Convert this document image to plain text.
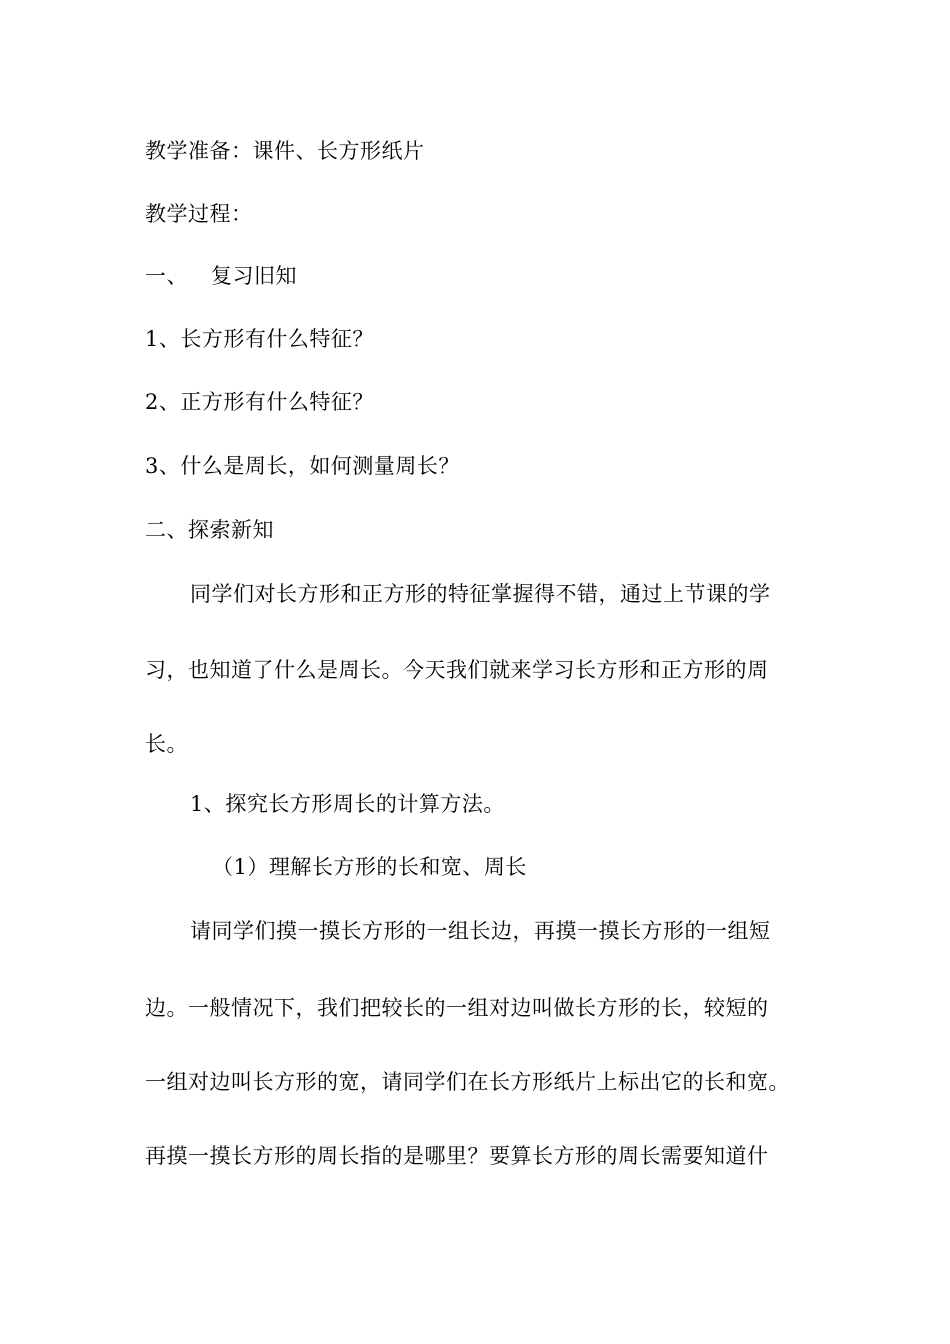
教学准备：课件、长方形纸片
教学过程：
一、 复习旧知
1、长方形有什么特征？
2、正方形有什么特征？
3、什么是周长，如何测量周长？
二、探索新知
同学们对长方形和正方形的特征掌握得不错，通过上节课的学
习，也知道了什么是周长。今天我们就来学习长方形和正方形的周
长。
1、探究长方形周长的计算方法。
（1）理解长方形的长和宽、周长
请同学们摸一摸长方形的一组长边，再摸一摸长方形的一组短
边。一般情况下，我们把较长的一组对边叫做长方形的长，较短的
一组对边叫长方形的宽，请同学们在长方形纸片上标出它的长和宽。
再摸一摸长方形的周长指的是哪里？要算长方形的周长需要知道什
